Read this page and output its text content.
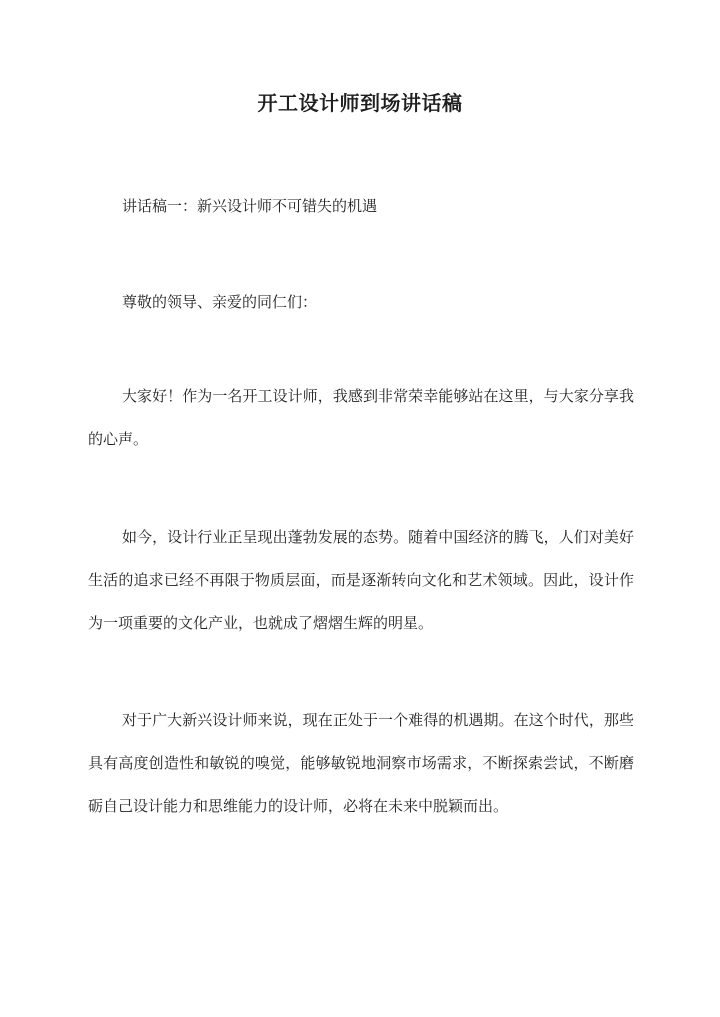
开工设计师到场讲话稿

讲话稿一：新兴设计师不可错失的机遇

尊敬的领导、亲爱的同仁们：

大家好！作为一名开工设计师，我感到非常荣幸能够站在这里，与大家分享我的心声。

如今，设计行业正呈现出蓬勃发展的态势。随着中国经济的腾飞，人们对美好生活的追求已经不再限于物质层面，而是逐渐转向文化和艺术领域。因此，设计作为一项重要的文化产业，也就成了熠熠生辉的明星。

对于广大新兴设计师来说，现在正处于一个难得的机遇期。在这个时代，那些具有高度创造性和敏锐的嗅觉，能够敏锐地洞察市场需求，不断探索尝试，不断磨砺自己设计能力和思维能力的设计师，必将在未来中脱颖而出。
